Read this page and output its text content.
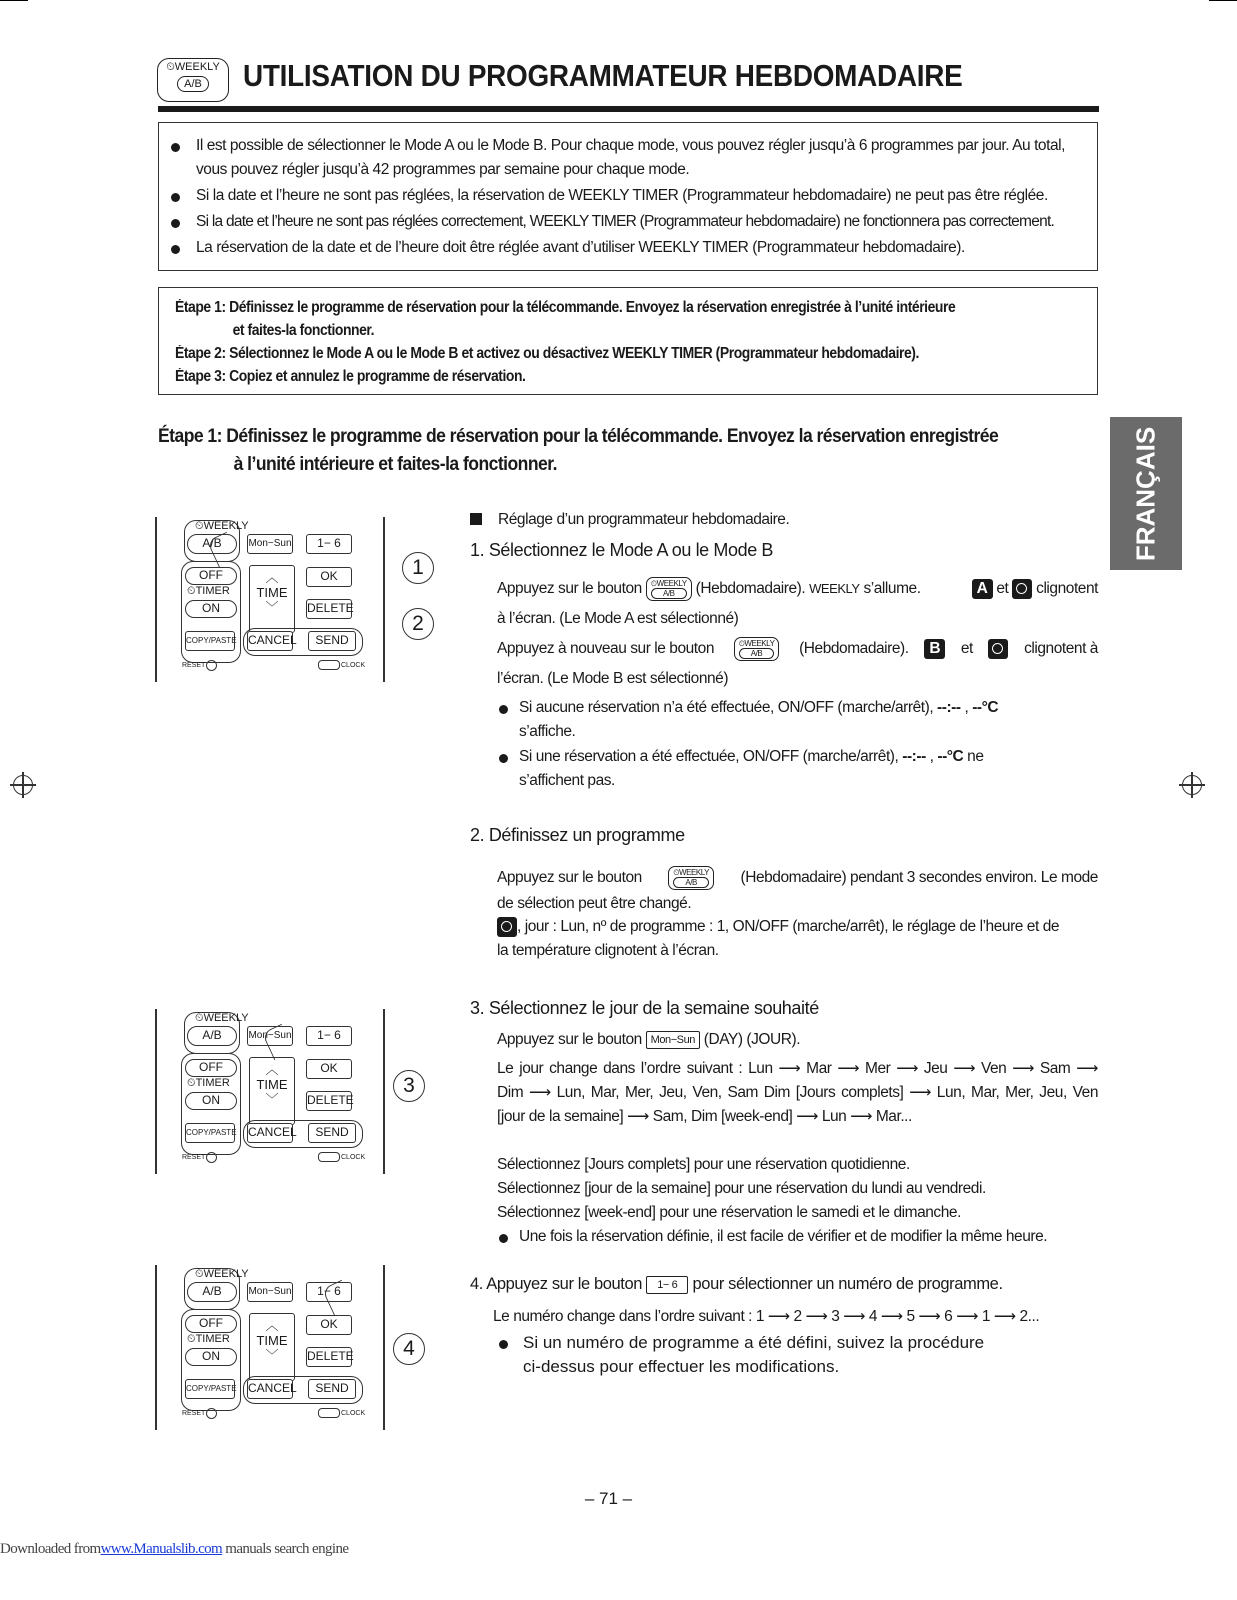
⏲WEEKLY
A/B	UTILISATION DU PROGRAMMATEUR HEBDOMADAIRE
Il est possible de sélectionner le Mode A ou le Mode B. Pour chaque mode, vous pouvez régler jusqu’à 6 programmes par jour. Au total, vous pouvez régler jusqu’à 42 programmes par semaine pour chaque mode.
Si la date et l’heure ne sont pas réglées, la réservation de WEEKLY TIMER (Programmateur hebdomadaire) ne peut pas être réglée.
Si la date et l’heure ne sont pas réglées correctement, WEEKLY TIMER (Programmateur hebdomadaire) ne fonctionnera pas correctement.
La réservation de la date et de l’heure doit être réglée avant d’utiliser WEEKLY TIMER (Programmateur hebdomadaire).
Étape 1: Définissez le programme de réservation pour la télécommande. Envoyez la réservation enregistrée à l’unité intérieure
et faites-la fonctionner.
Étape 2: Sélectionnez le Mode A ou le Mode B et activez ou désactivez WEEKLY TIMER (Programmateur hebdomadaire).
Étape 3: Copiez et annulez le programme de réservation.
Étape 1: Définissez le programme de réservation pour la télécommande. Envoyez la réservation enregistrée
à l’unité intérieure et faites-la fonctionner.	FRANÇAIS
⏲WEEKLY
A/B	Mon−Sun	1− 6
OFF
⏲TIMER
ON
︿
TIME
﹀
OK
DELETE
COPY/PASTE CANCEL	SEND
RESET	CLOCK
⏲WEEKLY
A/B	Mon−Sun	1− 6
OFF
⏲TIMER
ON
︿
TIME
﹀
OK
DELETE
COPY/PASTE CANCEL	SEND
RESET	CLOCK
⏲WEEKLY
A/B	Mon−Sun	1− 6
OFF
⏲TIMER
ON
︿
TIME
﹀
OK
DELETE
COPY/PASTE CANCEL	SEND
RESET	CLOCK
1
2
3
4
Réglage d’un programmateur hebdomadaire.
1. Sélectionnez le Mode A ou le Mode B
Appuyez sur le bouton ⏲WEEKLY
A/B	(Hebdomadaire). WEEKLY s’allume.	A et clignotent
à l’écran. (Le Mode A est sélectionné)
Appuyez à nouveau sur le bouton	⏲WEEKLY
A/B	(Hebdomadaire).	B	et	clignotent à
l’écran. (Le Mode B est sélectionné)
Si aucune réservation n’a été effectuée, ON/OFF (marche/arrêt), --:-- , --°C
s’affiche.
Si une réservation a été effectuée, ON/OFF (marche/arrêt), --:-- , --°C ne
s’affichent pas.
2. Définissez un programme
Appuyez sur le bouton	⏲WEEKLY
A/B	(Hebdomadaire) pendant 3 secondes environ. Le mode
de sélection peut être changé.
, jour : Lun, nº de programme : 1, ON/OFF (marche/arrêt), le réglage de l’heure et de
la température clignotent à l’écran.
3. Sélectionnez le jour de la semaine souhaité
Appuyez sur le bouton Mon−Sun (DAY) (JOUR).
Le jour change dans l’ordre suivant : Lun ⟶ Mar ⟶ Mer ⟶ Jeu ⟶ Ven ⟶ Sam ⟶
Dim ⟶ Lun, Mar, Mer, Jeu, Ven, Sam Dim [Jours complets] ⟶ Lun, Mar, Mer, Jeu, Ven
[jour de la semaine] ⟶ Sam, Dim [week-end] ⟶ Lun ⟶ Mar...
Sélectionnez [Jours complets] pour une réservation quotidienne.
Sélectionnez [jour de la semaine] pour une réservation du lundi au vendredi.
Sélectionnez [week-end] pour une réservation le samedi et le dimanche.
Une fois la réservation définie, il est facile de vérifier et de modifier la même heure.
4. Appuyez sur le bouton 1− 6 pour sélectionner un numéro de programme.
Le numéro change dans l’ordre suivant : 1 ⟶ 2 ⟶ 3 ⟶ 4 ⟶ 5 ⟶ 6 ⟶ 1 ⟶ 2...
Si un numéro de programme a été défini, suivez la procédure
ci-dessus pour effectuer les modifications.
– 71 –
Downloaded fromwww.Manualslib.com manuals search engine
